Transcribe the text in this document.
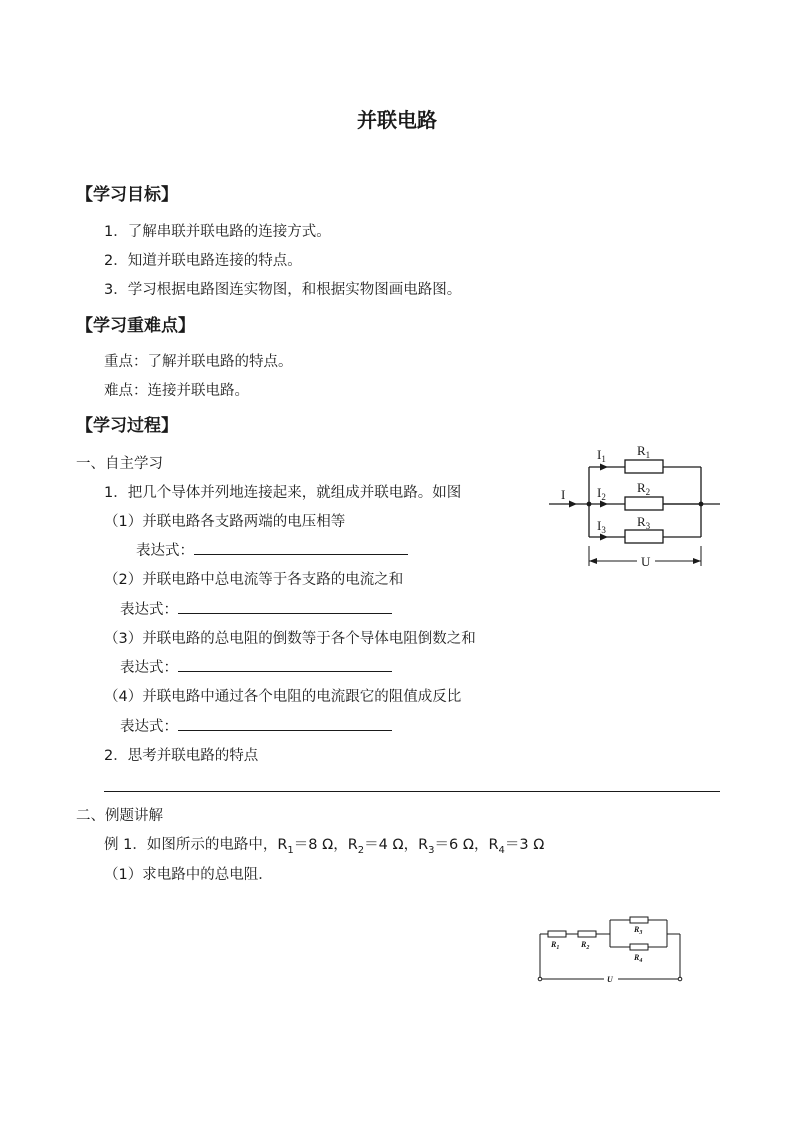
并联电路
【学习目标】
1．了解串联并联电路的连接方式。
2．知道并联电路连接的特点。
3．学习根据电路图连实物图，和根据实物图画电路图。
【学习重难点】
重点：了解并联电路的特点。
难点：连接并联电路。
【学习过程】
一、自主学习
1．把几个导体并列地连接起来，就组成并联电路。如图
（1）并联电路各支路两端的电压相等
表达式：
（2）并联电路中总电流等于各支路的电流之和
表达式：
（3）并联电路的总电阻的倒数等于各个导体电阻倒数之和
表达式：
（4）并联电路中通过各个电阻的电流跟它的阻值成反比
表达式：
2．思考并联电路的特点
二、例题讲解
例 1．如图所示的电路中，$R_1=8$ Ω，$R_2=4$ Ω，$R_3=6$ Ω，$R_4=3$ Ω
（1）求电路中的总电阻．
I
$I_1$
$I_2$
$I_3$
$R_1$
$R_2$
$R_3$
U
$R_1$	$R_2$
$R_3$
$R_4$
U
